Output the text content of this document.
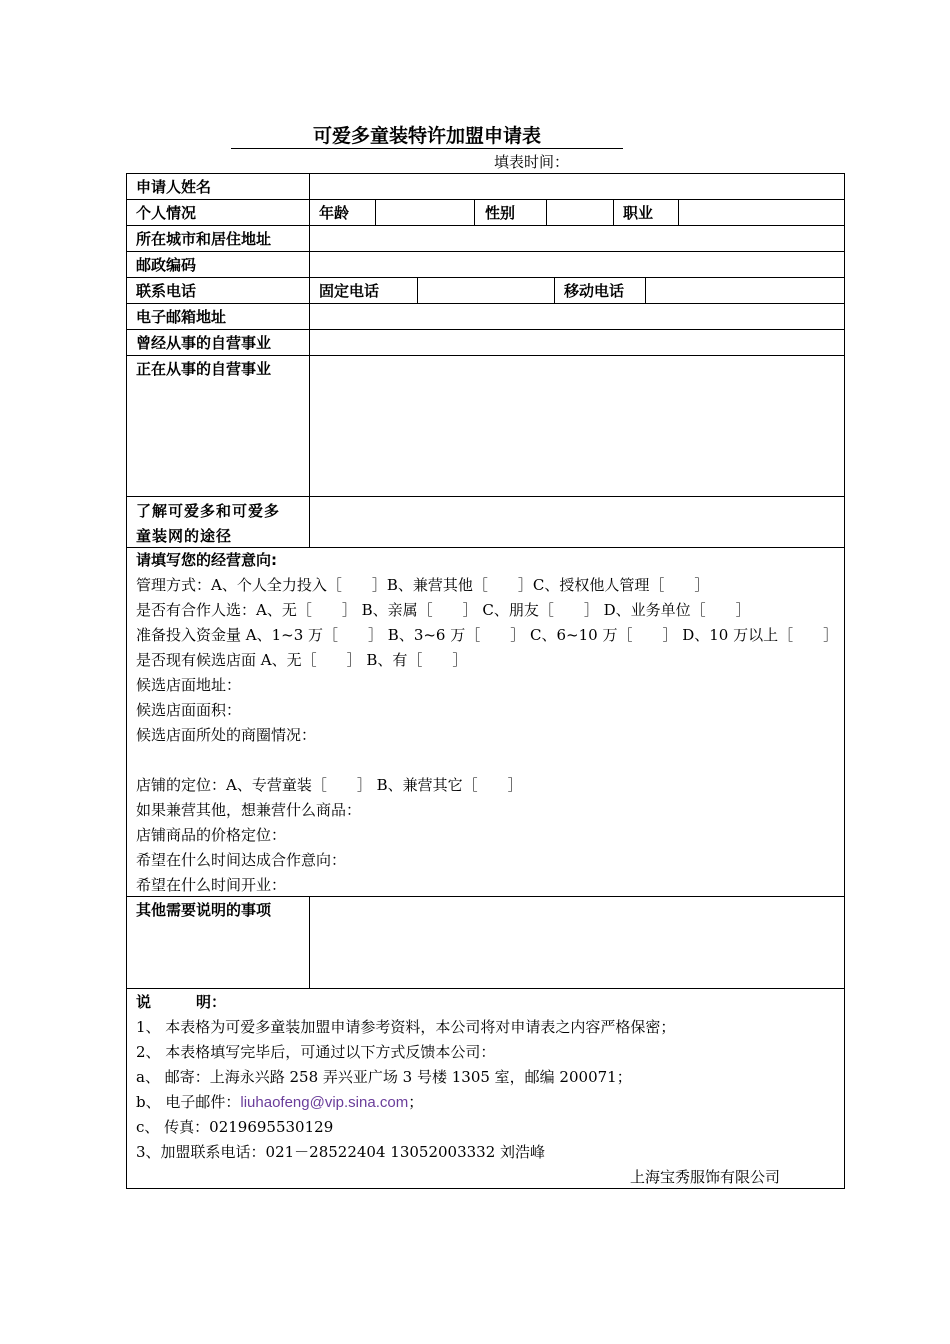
可爱多童装特许加盟申请表
填表时间：
申请人姓名
个人情况	年龄	性别	职业
所在城市和居住地址
邮政编码
联系电话	固定电话	移动电话
电子邮箱地址
曾经从事的自营事业
正在从事的自营事业
了解可爱多和可爱多
童装网的途径
请填写您的经营意向:
管理方式：A、个人全力投入［　　］B、兼营其他［　　］C、授权他人管理［　　］
是否有合作人选：A、无［　　］ B、亲属［　　］ C、朋友［　　］ D、业务单位［　　］
准备投入资金量 A、1~3 万［　　］ B、3~6 万［　　］ C、6~10 万［　　］ D、10 万以上［　　］
是否现有候选店面 A、无［　　］ B、有［　　］
候选店面地址：
候选店面面积：
候选店面所处的商圈情况：
店铺的定位：A、专营童装［　　］ B、兼营其它［　　］
如果兼营其他，想兼营什么商品：
店铺商品的价格定位：
希望在什么时间达成合作意向：
希望在什么时间开业：
其他需要说明的事项
说　　　明：
1、 本表格为可爱多童装加盟申请参考资料，本公司将对申请表之内容严格保密；
2、 本表格填写完毕后，可通过以下方式反馈本公司：
a、 邮寄：上海永兴路 258 弄兴亚广场 3 号楼 1305 室，邮编 200071；
b、 电子邮件：liuhaofeng@vip.sina.com；
c、 传真：0219695530129
3、加盟联系电话：021－28522404 13052003332 刘浩峰
上海宝秀服饰有限公司
